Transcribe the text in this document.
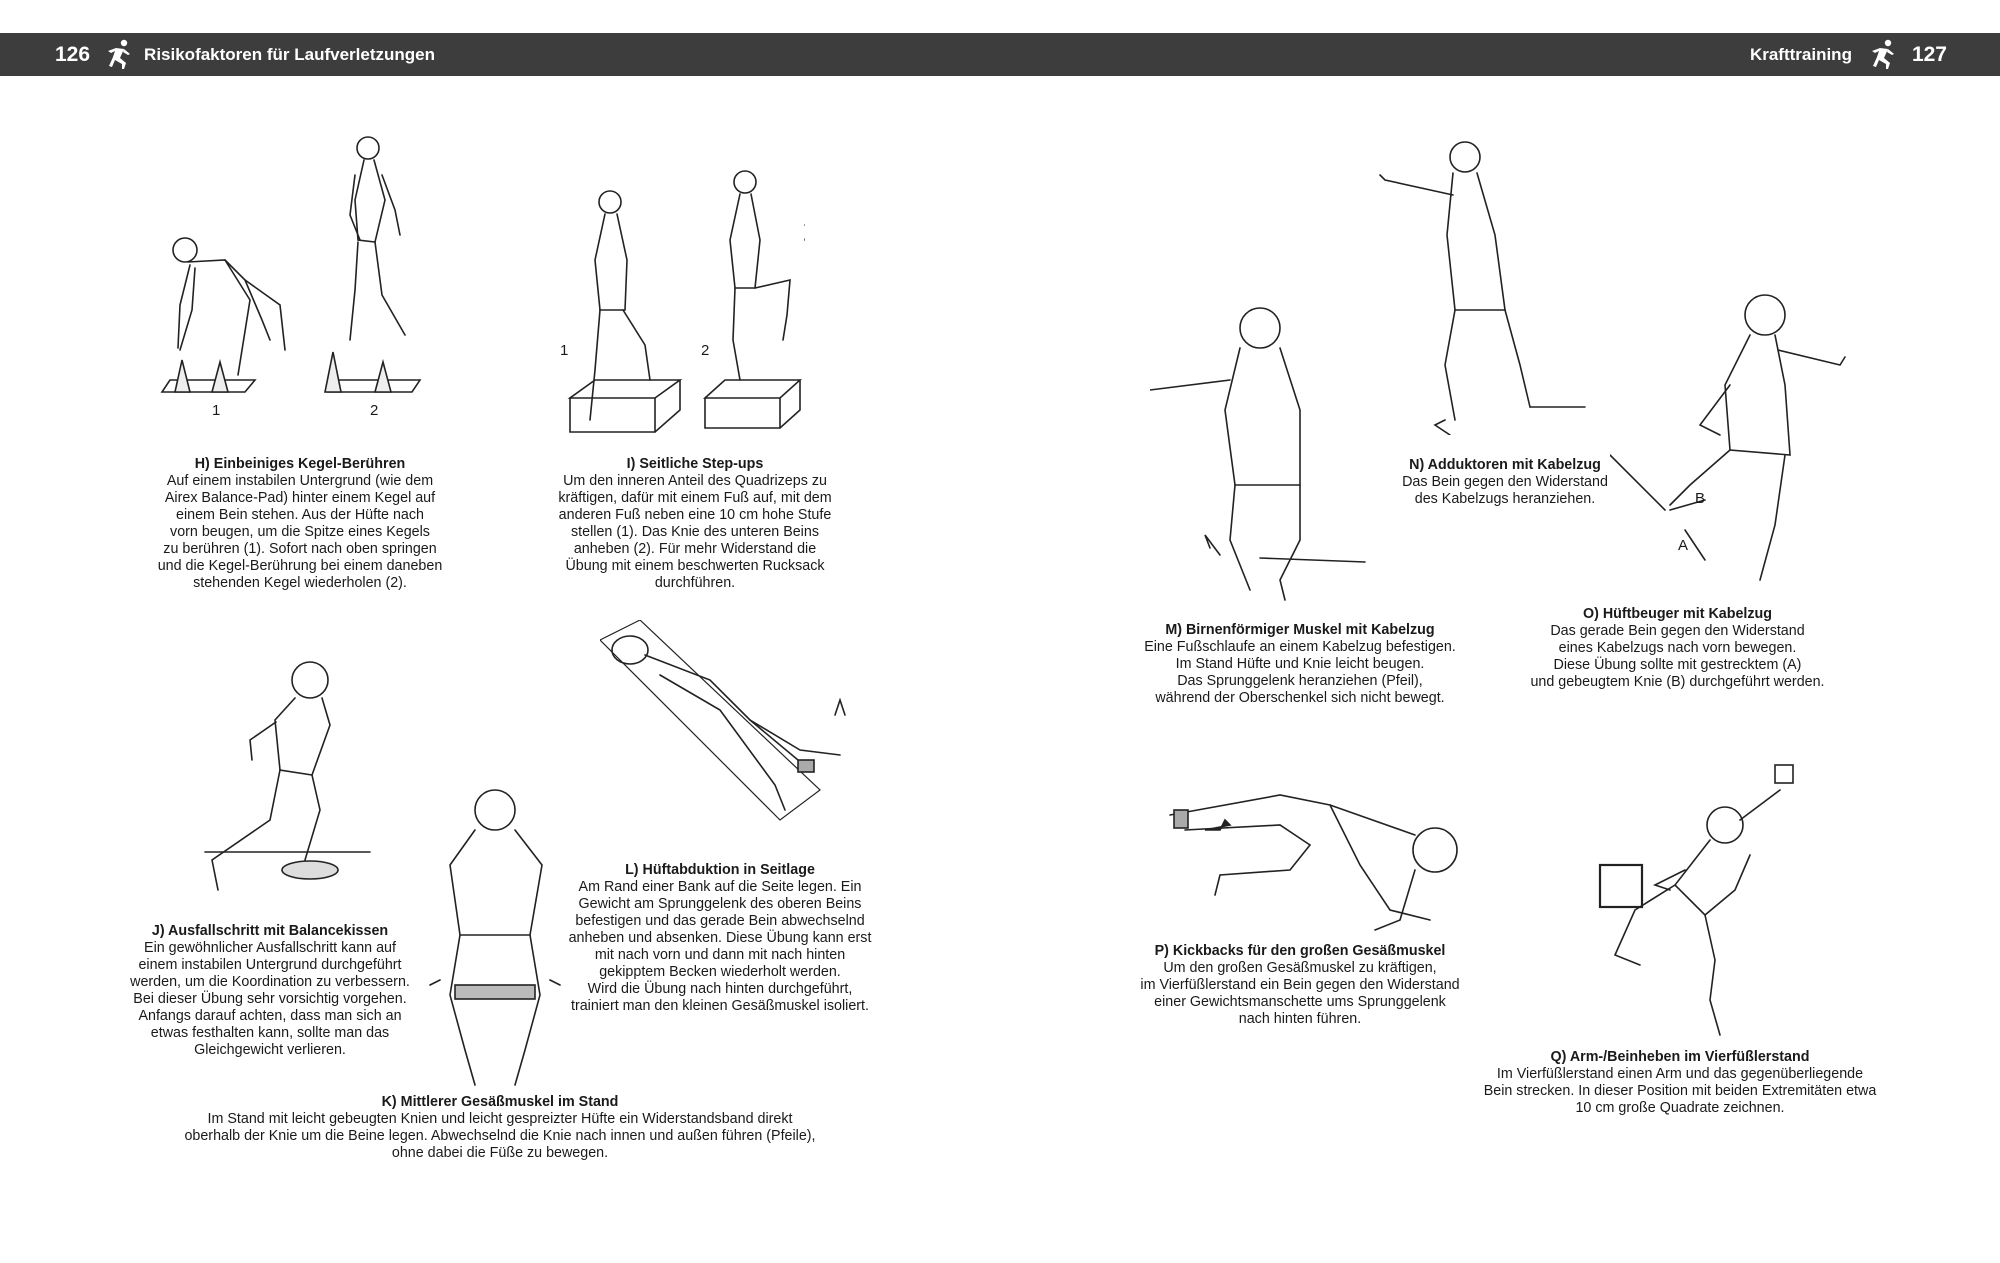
126	Risikofaktoren für Laufverletzungen	Krafttraining	127
1	2
1	2
A
B
H) Einbeiniges Kegel-Berühren
Auf einem instabilen Untergrund (wie dem
Airex Balance-Pad) hinter einem Kegel auf
einem Bein stehen. Aus der Hüfte nach
vorn beugen, um die Spitze eines Kegels
zu berühren (1). Sofort nach oben springen
und die Kegel-Berührung bei einem daneben
stehenden Kegel wiederholen (2).
I) Seitliche Step-ups
Um den inneren Anteil des Quadrizeps zu
kräftigen, dafür mit einem Fuß auf, mit dem
anderen Fuß neben eine 10 cm hohe Stufe
stellen (1). Das Knie des unteren Beins
anheben (2). Für mehr Widerstand die
Übung mit einem beschwerten Rucksack
durchführen.
J) Ausfallschritt mit Balancekissen
Ein gewöhnlicher Ausfallschritt kann auf
einem instabilen Untergrund durchgeführt
werden, um die Koordination zu verbessern.
Bei dieser Übung sehr vorsichtig vorgehen.
Anfangs darauf achten, dass man sich an
etwas festhalten kann, sollte man das
Gleichgewicht verlieren.
K) Mittlerer Gesäßmuskel im Stand
Im Stand mit leicht gebeugten Knien und leicht gespreizter Hüfte ein Widerstandsband direkt
oberhalb der Knie um die Beine legen. Abwechselnd die Knie nach innen und außen führen (Pfeile),
ohne dabei die Füße zu bewegen.
L) Hüftabduktion in Seitlage
Am Rand einer Bank auf die Seite legen. Ein
Gewicht am Sprunggelenk des oberen Beins
befestigen und das gerade Bein abwechselnd
anheben und absenken. Diese Übung kann erst
mit nach vorn und dann mit nach hinten
gekipptem Becken wiederholt werden.
Wird die Übung nach hinten durchgeführt,
trainiert man den kleinen Gesäßmuskel isoliert.
M) Birnenförmiger Muskel mit Kabelzug
Eine Fußschlaufe an einem Kabelzug befestigen.
Im Stand Hüfte und Knie leicht beugen.
Das Sprunggelenk heranziehen (Pfeil),
während der Oberschenkel sich nicht bewegt.
N) Adduktoren mit Kabelzug
Das Bein gegen den Widerstand
des Kabelzugs heranziehen.
O) Hüftbeuger mit Kabelzug
Das gerade Bein gegen den Widerstand
eines Kabelzugs nach vorn bewegen.
Diese Übung sollte mit gestrecktem (A)
und gebeugtem Knie (B) durchgeführt werden.
P) Kickbacks für den großen Gesäßmuskel
Um den großen Gesäßmuskel zu kräftigen,
im Vierfüßlerstand ein Bein gegen den Widerstand
einer Gewichtsmanschette ums Sprunggelenk
nach hinten führen.
Q) Arm-/Beinheben im Vierfüßlerstand
Im Vierfüßlerstand einen Arm und das gegenüberliegende
Bein strecken. In dieser Position mit beiden Extremitäten etwa
10 cm große Quadrate zeichnen.
